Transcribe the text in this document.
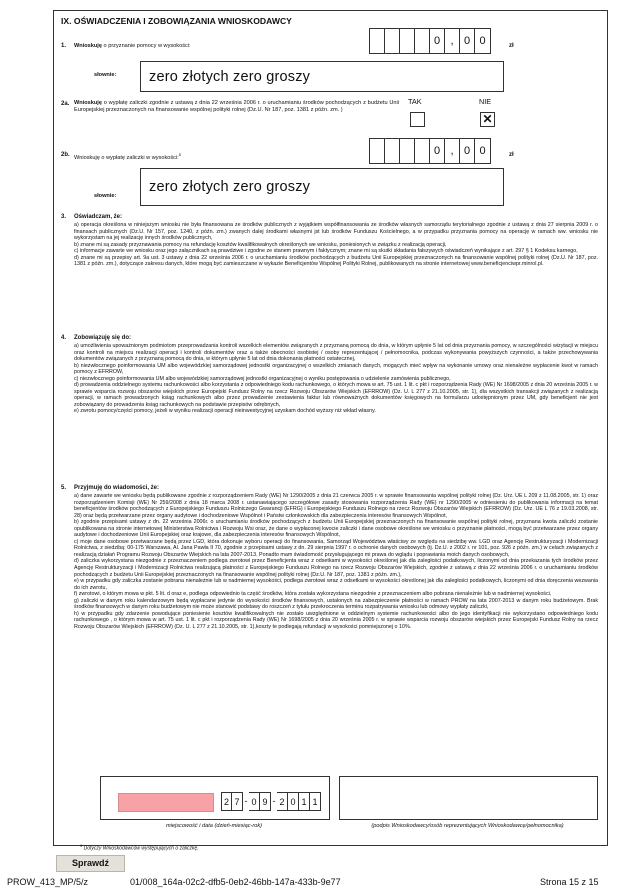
IX. OŚWIADCZENIA I ZOBOWIĄZANIA WNIOSKODAWCY
1. Wnioskuję o przyznanie pomocy w wysokości:	0 , 0 0	zł
słownie:	zero złotych zero groszy
2a. Wnioskuję o wypłatę zaliczki zgodnie z ustawą z dnia 22 września 2006 r. o uruchamianiu środków pochodzących z budżetu Unii Europejskiej przeznaczonych na finansowanie wspólnej polityki rolnej (Dz.U. Nr 187, poz. 1381 z późn. zm. )
TAK	NIE
✕
2b. Wnioskuję o wypłatę zaliczki w wysokości:$^5$	0 , 0 0	zł
słownie:
zero złotych zero groszy
3. Oświadczam, że:

a) operacja określona w niniejszym wniosku nie była finansowana ze środków publicznych z wyjątkiem współfinansowania ze środków własnych samorządu terytorialnego zgodnie z ustawą z dnia 27 sierpnia 2009 r. o finansach publicznych (Dz.U. Nr 157, poz. 1240, z późn. zm.) zwanych dalej środkami własnymi jst lub środków Funduszu Kościelnego, a w przypadku przyznania pomocy na operację w ramach ww. wniosku nie wykorzystam na jej realizację innych środków publicznych,

b) znane mi są zasady przyznawania pomocy na refundację kosztów kwalifikowalnych określonych we wniosku, poniesionych w związku z realizacją operacji,

c) informacje zawarte we wniosku oraz jego załącznikach są prawdziwe i zgodne ze stanem prawnym i faktycznym; znane mi są skutki składania fałszywych oświadczeń wynikające z art. 297 § 1 Kodeksu karnego,

d) znane mi są przepisy art. 9a ust. 3 ustawy z dnia 22 września 2006 r. o uruchamianiu środków pochodzących z budżetu Unii Europejskiej przeznaczonych na finansowanie wspólnej polityki rolnej (Dz.U. Nr 187, poz. 1381 z późn. zm.), dotyczące zakresu danych, które mogą być zamieszczane w wykazie Beneficjentów Wspólnej Polityki Rolnej, publikowanych na stronie internetowej www.beneficjenciwpr.minrol.pl.

4. Zobowiązuję się do:

a) umożliwienia upoważnionym podmiotom przeprowadzania kontroli wszelkich elementów związanych z przyznaną pomocą do dnia, w którym upłynie 5 lat od dnia przyznania pomocy, w szczególności wizytacji w miejscu oraz kontroli na miejscu realizacji operacji i kontroli dokumentów oraz a także obecności osobistej / osoby reprezentującej / pełnomocnika, podczas wykonywania powyższych czynności, a także przechowywania dokumentów związanych z przyznaną pomocą do dnia, w którym upłynie 5 lat od dnia dokonania płatności ostatecznej,

b) niezwłocznego poinformowania UM albo wojewódzkiej samorządowej jednostki organizacyjnej o wszelkich zmianach danych, mogących mieć wpływ na wykonanie umowy oraz nienależne wypłacenie kwot w ramach pomocy z EFRROW,

c) niezwłocznego poinformowania UM albo wojewódzkiej samorządowej jednostki organizacyjnej o wyniku postępowania o udzielenie zamówienia publicznego,

d) prowadzenia oddzielnego systemu rachunkowości albo korzystania z odpowiedniego kodu rachunkowego, o których mowa w art. 75 ust. 1 lit. c pkt i rozporządzenia Rady (WE) Nr 1698/2005 z dnia 20 września 2005 r. w sprawie wsparcia rozwoju obszarów wiejskich przez Europejski Fundusz Rolny na rzecz Rozwoju Obszarów Wiejskich (EFRROW) (Dz. U. L 277 z 21.10.2005, str. 1), dla wszystkich transakcji związanych z realizacją operacji, w ramach prowadzonych ksiąg rachunkowych albo przez prowadzenie zestawienia faktur lub równoważnych dokumentów księgowych na formularzu udostępnionym przez UM, gdy beneficjent nie jest zobowiązany do prowadzenia ksiąg rachunkowych na podstawie przepisów odrębnych,

e) zwrotu pomocy/części pomocy, jeżeli w wyniku realizacji operacji nieinwestycyjnej uzyskam dochód wyższy niż wkład własny.

5. Przyjmuję do wiadomości, że:

a) dane zawarte we wniosku będą publikowane zgodnie z rozporządzeniem Rady (WE) Nr 1290/2005 z dnia 21 czerwca 2005 r. w sprawie finansowania wspólnej polityki rolnej (Dz. Urz. UE L 209 z 11.08.2005, str. 1) oraz rozporządzeniem Komisji (WE) Nr 259/2008 z dnia 18 marca 2008 r. ustanawiającego szczegółowe zasady stosowania rozporządzenia Rady (WE) nr 1290/2005 w odniesieniu do publikowania informacji na temat beneficjentów środków pochodzących z Europejskiego Funduszu Rolniczego Gwarancji (EFRG) i Europejskiego Funduszu Rolnego na rzecz Rozwoju Obszarów Wiejskich (EFRROW) (Dz. Urz. UE L 76 z 19.03.2008, str. 28) oraz będą przetwarzane przez organy audytowe i dochodzeniowe Wspólnot i Państw członkowskich dla zabezpieczenia interesów finansowych Wspólnot,

b) zgodnie przepisami ustawy z dn. 22 września 2006r. o uruchamianiu środków pochodzących z budżetu Unii Europejskiej przeznaczonych na finansowanie wspólnej polityki rolnej, przyznana kwota zaliczki zostanie opublikowana na stronie internetowej Ministerstwa Rolnictwa i Rozwoju Wsi oraz, że dane o wypłaconej kwocie zaliczki i dane osobowe określone we wniosku o przyznanie płatności, mogą być przetwarzane przez organy audytowe i dochodzeniowe Unii Europejskiej oraz krajowe, dla zabezpieczenia interesów finansowych Wspólnot,

c) moje dane osobowe przetwarzane będą przez LGD, która dokonuje wyboru operacji do finansowania, Samorząd Województwa właściwy ze względu na siedzibę ww. LGD oraz Agencję Restrukturyzacji i Modernizacji Rolnictwa, z siedzibą: 00-175 Warszawa, Al. Jana Pawła II 70, zgodnie z przepisami ustawy z dn. 29 sierpnia 1997 r. o ochronie danych osobowych (tj. Dz.U. z 2002 r. nr 101, poz. 926 z późn. zm.) w celach związanych z realizacją działań Programu Rozwoju Obszarów Wiejskich na lata 2007-2013. Ponadto mam świadomość przysługującego mi prawa do wglądu i poprawiania moich danych osobowych,

d) zaliczka wykorzystana niezgodnie z przeznaczeniem podlega zwrotowi przez Beneficjenta wraz z odsetkami w wysokości określonej jak dla zaległości podatkowych, liczonymi od dnia przekazania tych środków przez Agencję Restrukturyzacji i Modernizacji Rolnictwa realizującą płatności z Europejskiego Funduszu Rolnego na rzecz Rozwoju Obszarów Wiejskich, zgodnie z ustawą z dnia 22 września 2006 r. o uruchamianiu środków pochodzących z budżetu Unii Europejskiej przeznaczonych na finansowanie wspólnej polityki rolnej (Dz.U. Nr 187, poz. 1381 z późn. zm.),

e) w przypadku gdy zaliczka zostanie pobrana nienależnie lub w nadmiernej wysokości, podlega zwrotowi wraz z odsetkami w wysokości określonej jak dla zaległości podatkowych, liczonymi od dnia doręczenia wezwania do ich zwrotu,

f) zwrotowi, o którym mowa w pkt. 5 lit. d oraz e, podlega odpowiednio ta część środków, która została wykorzystana niezgodnie z przeznaczeniem albo pobrana nienależnie lub w nadmiernej wysokości,

g) zaliczki w danym roku kalendarzowym będą wypłacane jedynie do wysokości środków finansowych, ustalonych na zabezpieczenie płatności w ramach PROW na lata 2007-2013 w danym roku budżetowym. Brak środków finansowych w danym roku budżetowym nie może stanowić podstawy do roszczeń z tytułu przekroczenia terminu rozpatrywania wniosku lub odmowy wypłaty zaliczki,

h) w przypadku gdy zdarzenie powodujące poniesienie kosztów kwalifikowalnych nie zostało uwzględnione w oddzielnym systemie rachunkowości albo do jego identyfikacji nie wykorzystano odpowiedniego kodu rachunkowego , o którym mowa w art. 75 ust. 1 lit. c pkt i rozporządzenia Rady (WE) Nr 1698/2005 z dnia 20 września 2005 r. w sprawie wsparcia rozwoju obszarów wiejskich przez Europejski Fundusz Rolny na rzecz Rozwoju Obszarów Wiejskich (EFRROW) (Dz. U. L 277 z 21.10.2005, str. 1),koszty te podlegają refundacji w wysokości pomniejszonej o 10%.

2 7 - 0 9 - 2 0 1 1
miejscowość i data (dzień-miesiąc-rok)	(podpis Wnioskodawcy/osób reprezentujących Wnioskodawcę/pełnomocnika)
$^5$ Dotyczy Wnioskodawców występujących o zaliczkę.
Sprawdź
PROW_413_MP/5/z	01/008_164a-02c2-dfb5-0eb2-46bb-147a-433b-9e77	Strona 15 z 15
